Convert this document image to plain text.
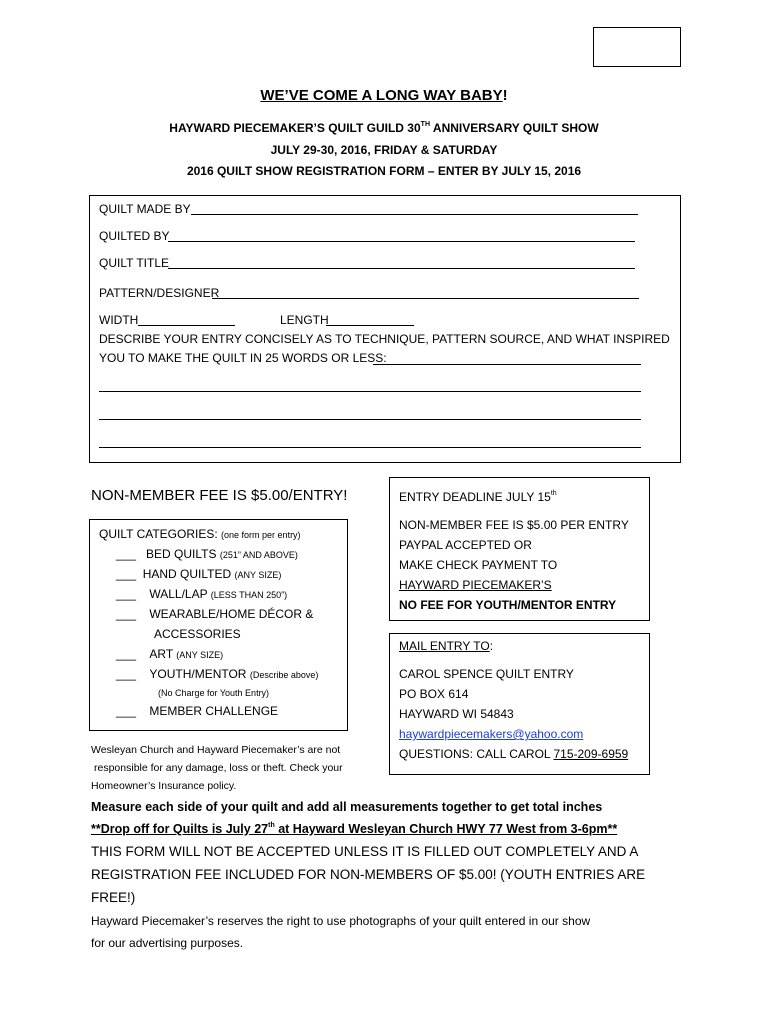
WE’VE COME A LONG WAY BABY!
HAYWARD PIECEMAKER’S QUILT GUILD 30TH ANNIVERSARY QUILT SHOW
JULY 29-30, 2016, FRIDAY & SATURDAY
2016 QUILT SHOW REGISTRATION FORM – ENTER BY JULY 15, 2016
QUILT MADE BY
QUILTED BY
QUILT TITLE
PATTERN/DESIGNER
WIDTH	LENGTH
DESCRIBE YOUR ENTRY CONCISELY AS TO TECHNIQUE, PATTERN SOURCE, AND WHAT INSPIRED
YOU TO MAKE THE QUILT IN 25 WORDS OR LESS:
NON-MEMBER FEE IS $5.00/ENTRY!
QUILT CATEGORIES: (one form per entry)
___   BED QUILTS (251” AND ABOVE)
___  HAND QUILTED (ANY SIZE)
___    WALL/LAP (LESS THAN 250”)
___    WEARABLE/HOME DÉCOR &
ACCESSORIES
___    ART (ANY SIZE)
___    YOUTH/MENTOR (Describe above)
(No Charge for Youth Entry)
___    MEMBER CHALLENGE
Wesleyan Church and Hayward Piecemaker’s are not
responsible for any damage, loss or theft. Check your
Homeowner’s Insurance policy.
ENTRY DEADLINE JULY 15th
NON-MEMBER FEE IS $5.00 PER ENTRY
PAYPAL ACCEPTED OR
MAKE CHECK PAYMENT TO
HAYWARD PIECEMAKER’S
NO FEE FOR YOUTH/MENTOR ENTRY
MAIL ENTRY TO:
CAROL SPENCE QUILT ENTRY
PO BOX 614
HAYWARD WI 54843
haywardpiecemakers@yahoo.com
QUESTIONS: CALL CAROL 715-209-6959
Measure each side of your quilt and add all measurements together to get total inches
**Drop off for Quilts is July 27th at Hayward Wesleyan Church HWY 77 West from 3-6pm**
THIS FORM WILL NOT BE ACCEPTED UNLESS IT IS FILLED OUT COMPLETELY AND A
REGISTRATION FEE INCLUDED FOR NON-MEMBERS OF $5.00! (YOUTH ENTRIES ARE
FREE!)
Hayward Piecemaker’s reserves the right to use photographs of your quilt entered in our show
for our advertising purposes.
